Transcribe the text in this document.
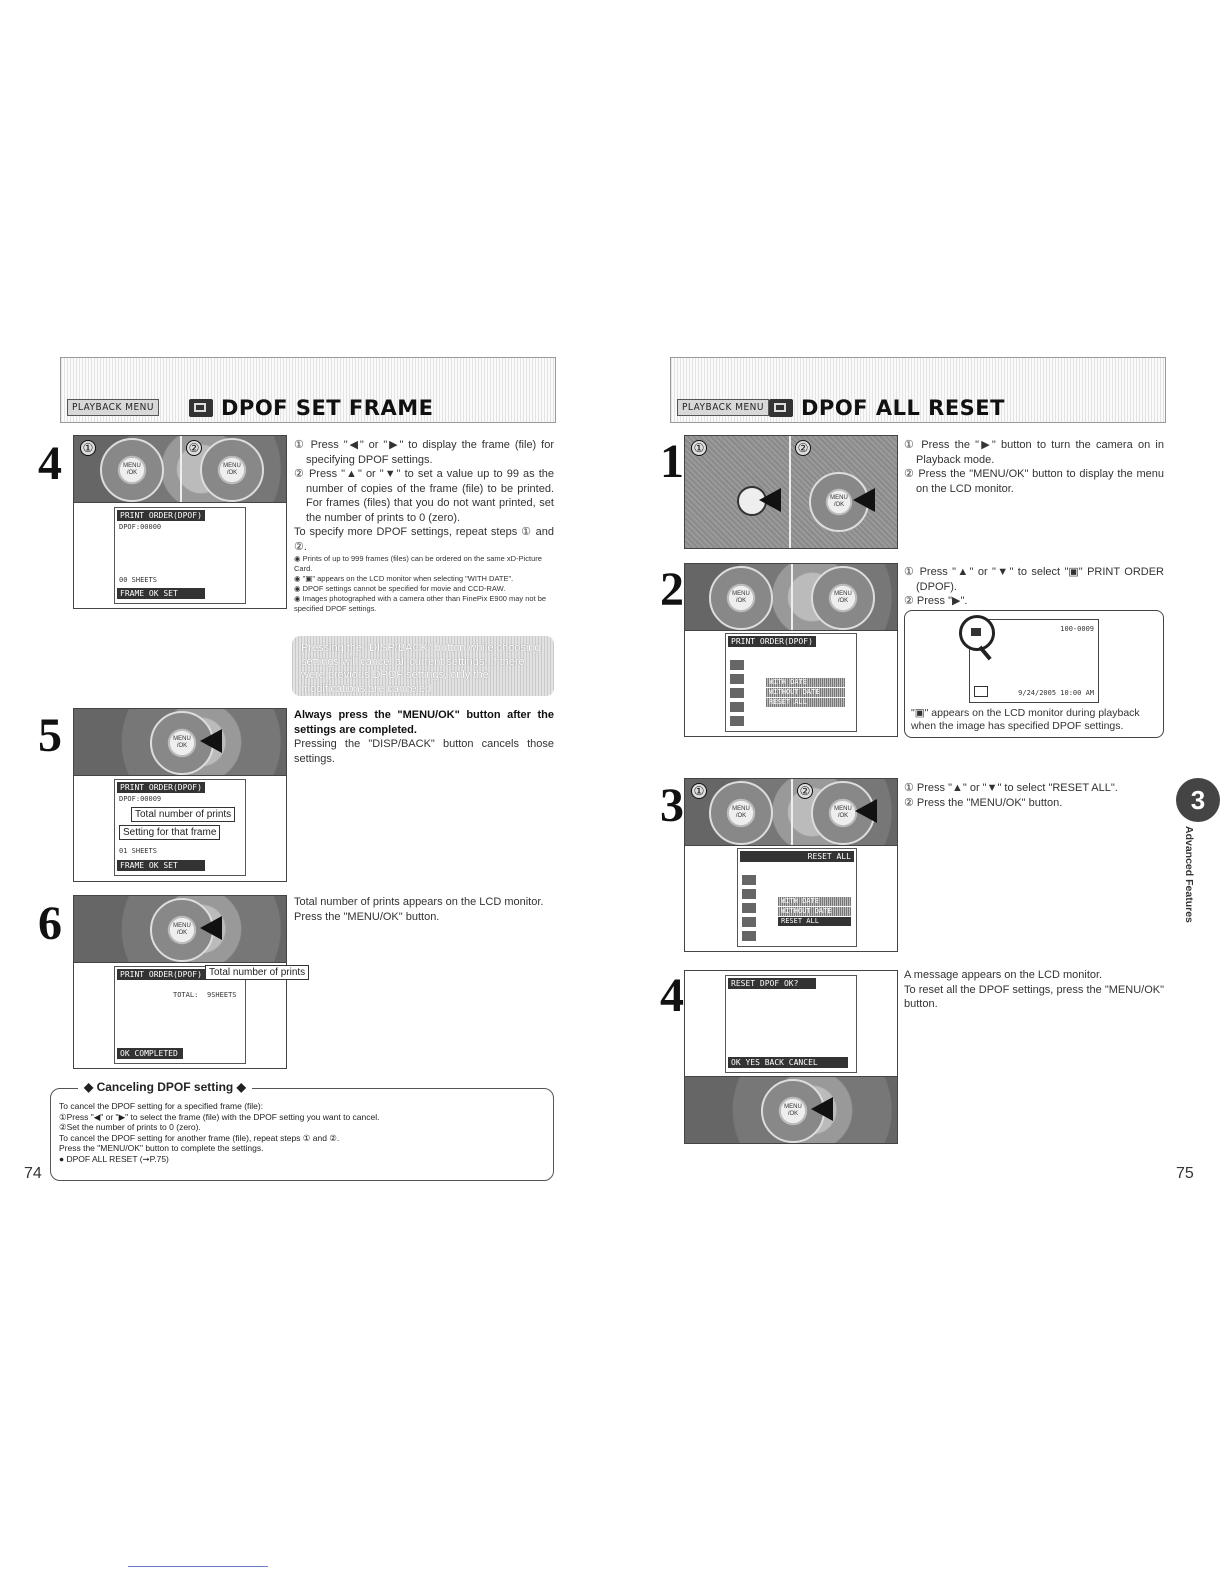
PLAYBACK MENU	DPOF SET FRAME
4	MENU
/OK
MENU
/OK
①	②
PRINT ORDER(DPOF)
DPOF:00000
00 SHEETS
FRAME OK SET

① Press "◀" or "▶" to display the frame (file) for specifying DPOF settings.

② Press "▲" or "▼" to set a value up to 99 as the number of copies of the frame (file) to be printed. For frames (files) that you do not want printed, set the number of prints to 0 (zero).

To specify more DPOF settings, repeat steps ① and ②.

◉ Prints of up to 999 frames (files) can be ordered on the same xD-Picture Card.

◉ "▣" appears on the LCD monitor when selecting "WITH DATE".

◉ DPOF settings cannot be specified for movie and CCD-RAW.

◉ Images photographed with a camera other than FinePix E900 may not be specified DPOF settings.

Pressing the "DISP/BACK" button while choosing settings will cancel all current settings. If there were previous DPOF settings, only the modifications are canceled.
5	MENU
/OK
PRINT ORDER(DPOF)
DPOF:00009
01 SHEETS
FRAME OK SET
Total number of prints
Setting for that frame

Always press the "MENU/OK" button after the settings are completed.

Pressing the "DISP/BACK" button cancels those settings.

6	MENU
/OK
PRINT ORDER(DPOF)
TOTAL: 9SHEETS
OK COMPLETED
Total number of prints

Total number of prints appears on the LCD monitor.

Press the "MENU/OK" button.

To cancel the DPOF setting for a specified frame (file):

①Press "◀" or "▶" to select the frame (file) with the DPOF setting you want to cancel.

②Set the number of prints to 0 (zero).

To cancel the DPOF setting for another frame (file), repeat steps ① and ②.

Press the "MENU/OK" button to complete the settings.

● DPOF ALL RESET (➞P.75)

◆ Canceling DPOF setting ◆
74
PLAYBACK MENU DPOF ALL RESET
1
MENU
/OK
①	②	① Press the "▶" button to turn the camera on in Playback mode.

② Press the "MENU/OK" button to display the menu on the LCD monitor.

2	MENU
/OK
MENU
/OK
PRINT ORDER(DPOF)
WITH DATE
WITHOUT DATE
RESET ALL

① Press "▲" or "▼" to select "▣" PRINT ORDER (DPOF).

② Press "▶".

100-0009
9/24/2005 10:00 AM
"▣" appears on the LCD monitor during playback when the image has specified DPOF settings.
3	MENU
/OK
MENU
/OK
①	②
RESET ALL
WITH DATE
WITHOUT DATE
RESET ALL

① Press "▲" or "▼" to select "RESET ALL".

② Press the "MENU/OK" button.

4	RESET DPOF OK?
OK YES BACK CANCEL
MENU
/OK

A message appears on the LCD monitor.

To reset all the DPOF settings, press the "MENU/OK" button.

3
Advanced Features
75
